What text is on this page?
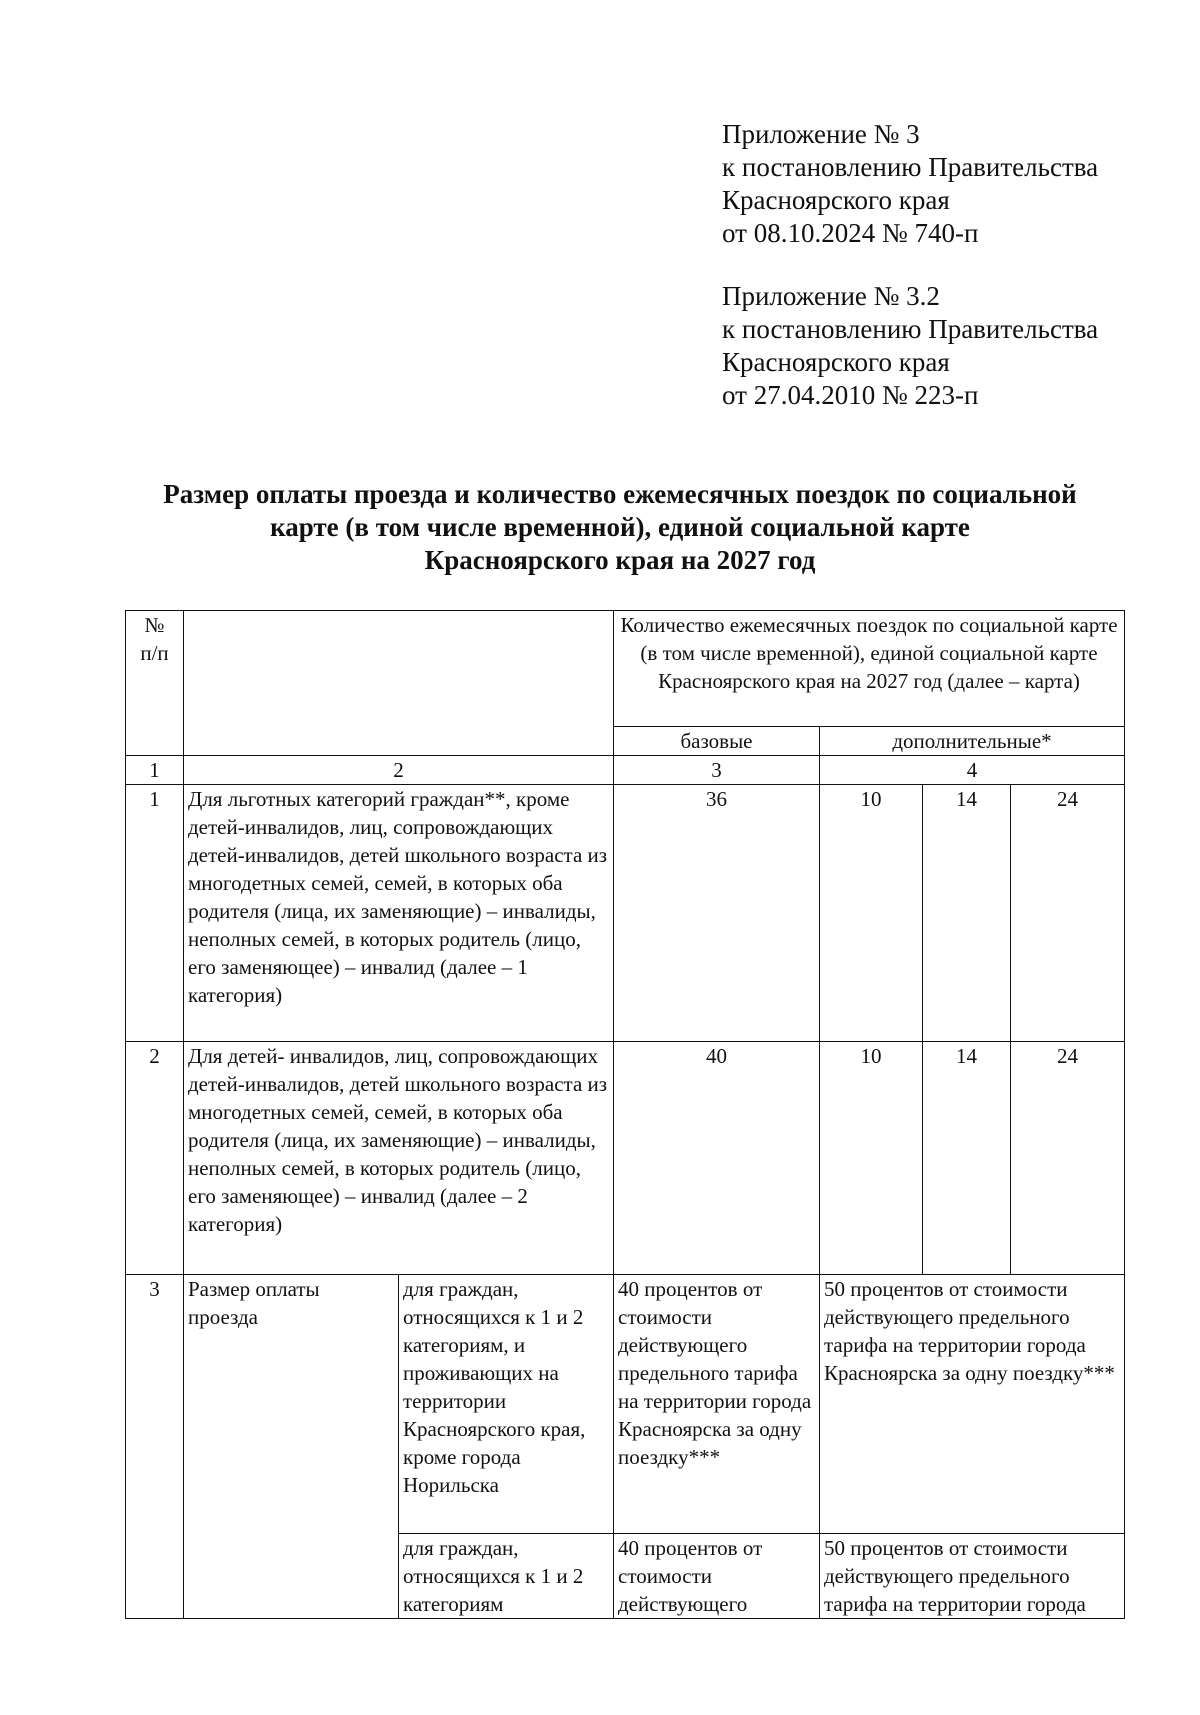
Приложение № 3
к постановлению Правительства
Красноярского края
от 08.10.2024 № 740-п
Приложение № 3.2
к постановлению Правительства
Красноярского края
от 27.04.2010 № 223-п
Размер оплаты проезда и количество ежемесячных поездок по социальной
карте (в том числе временной), единой социальной карте
Красноярского края на 2027 год
№
п/п			Количество ежемесячных поездок по социальной карте (в том числе временной), единой социальной карте Красноярского края на 2027 год (далее – карта)			
			базовые	дополнительные*		
1	2		3	4		
1	Для льготных категорий граждан**, кроме детей-инвалидов, лиц, сопровождающих детей-инвалидов, детей школьного возраста из многодетных семей, семей, в которых оба родителя (лица, их заменяющие) – инвалиды, неполных семей, в которых родитель (лицо, его заменяющее) – инвалид (далее – 1 категория)		36	10	14	24
2	Для детей- инвалидов, лиц, сопровождающих детей-инвалидов, детей школьного возраста из многодетных семей, семей, в которых оба родителя (лица, их заменяющие) – инвалиды, неполных семей, в которых родитель (лицо, его заменяющее) – инвалид (далее – 2 категория)		40	10	14	24
3	Размер оплаты проезда	для граждан, относящихся к 1 и 2 категориям, и проживающих на территории Красноярского края, кроме города Норильска	40 процентов от стоимости действующего предельного тарифа на территории города Красноярска за одну поездку***	50 процентов от стоимости действующего предельного тарифа на территории города Красноярска за одну поездку***		
		для граждан, относящихся к 1 и 2 категориям	40 процентов от стоимости действующего	50 процентов от стоимости действующего предельного тарифа на территории города		
